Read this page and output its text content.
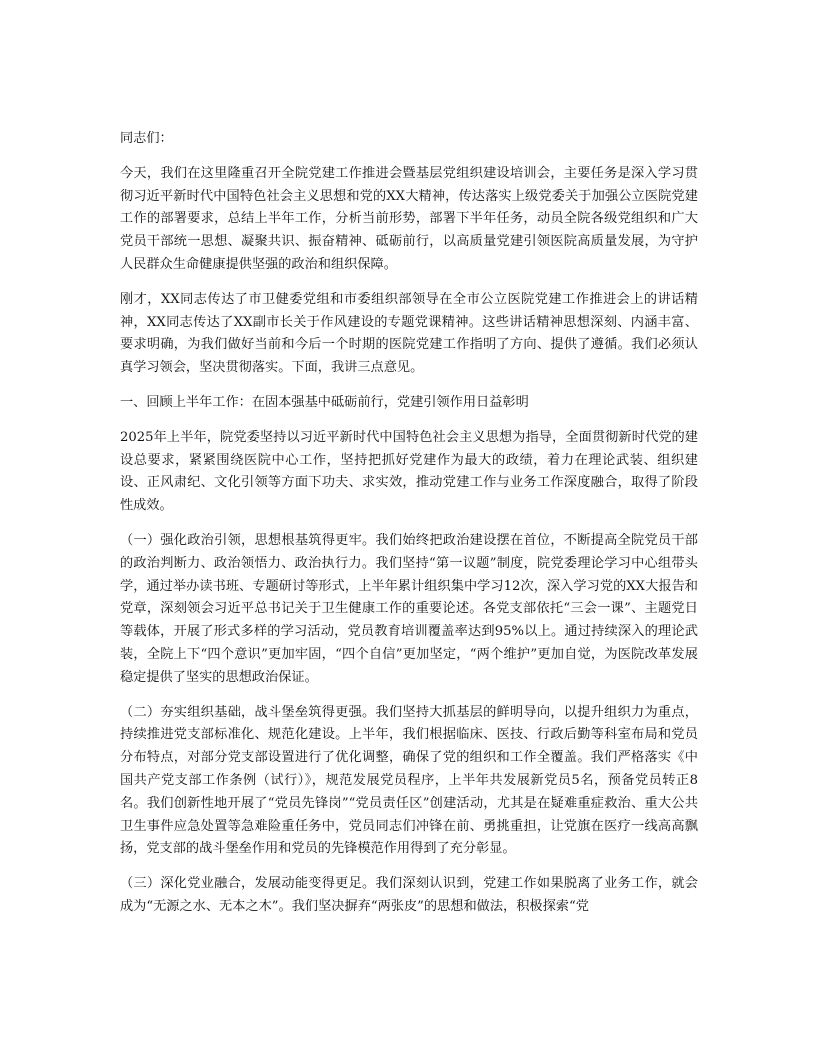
同志们：

今天，我们在这里隆重召开全院党建工作推进会暨基层党组织建设培训会，主要任务是深入学习贯彻习近平新时代中国特色社会主义思想和党的XX大精神，传达落实上级党委关于加强公立医院党建工作的部署要求，总结上半年工作，分析当前形势，部署下半年任务，动员全院各级党组织和广大党员干部统一思想、凝聚共识、振奋精神、砥砺前行，以高质量党建引领医院高质量发展，为守护人民群众生命健康提供坚强的政治和组织保障。

刚才，XX同志传达了市卫健委党组和市委组织部领导在全市公立医院党建工作推进会上的讲话精神，XX同志传达了XX副市长关于作风建设的专题党课精神。这些讲话精神思想深刻、内涵丰富、要求明确，为我们做好当前和今后一个时期的医院党建工作指明了方向、提供了遵循。我们必须认真学习领会，坚决贯彻落实。下面，我讲三点意见。

一、回顾上半年工作：在固本强基中砥砺前行，党建引领作用日益彰明

2025年上半年，院党委坚持以习近平新时代中国特色社会主义思想为指导，全面贯彻新时代党的建设总要求，紧紧围绕医院中心工作，坚持把抓好党建作为最大的政绩，着力在理论武装、组织建设、正风肃纪、文化引领等方面下功夫、求实效，推动党建工作与业务工作深度融合，取得了阶段性成效。

（一）强化政治引领，思想根基筑得更牢。我们始终把政治建设摆在首位，不断提高全院党员干部的政治判断力、政治领悟力、政治执行力。我们坚持“第一议题”制度，院党委理论学习中心组带头学，通过举办读书班、专题研讨等形式，上半年累计组织集中学习12次，深入学习党的XX大报告和党章，深刻领会习近平总书记关于卫生健康工作的重要论述。各党支部依托“三会一课”、主题党日等载体，开展了形式多样的学习活动，党员教育培训覆盖率达到95%以上。通过持续深入的理论武装，全院上下“四个意识”更加牢固，“四个自信”更加坚定，“两个维护”更加自觉，为医院改革发展稳定提供了坚实的思想政治保证。

（二）夯实组织基础，战斗堡垒筑得更强。我们坚持大抓基层的鲜明导向，以提升组织力为重点，持续推进党支部标准化、规范化建设。上半年，我们根据临床、医技、行政后勤等科室布局和党员分布特点，对部分党支部设置进行了优化调整，确保了党的组织和工作全覆盖。我们严格落实《中国共产党支部工作条例（试行）》，规范发展党员程序，上半年共发展新党员5名，预备党员转正8名。我们创新性地开展了“党员先锋岗”“党员责任区”创建活动，尤其是在疑难重症救治、重大公共卫生事件应急处置等急难险重任务中，党员同志们冲锋在前、勇挑重担，让党旗在医疗一线高高飘扬，党支部的战斗堡垒作用和党员的先锋模范作用得到了充分彰显。

（三）深化党业融合，发展动能变得更足。我们深刻认识到，党建工作如果脱离了业务工作，就会成为“无源之水、无本之木”。我们坚决摒弃“两张皮”的思想和做法，积极探索“党
